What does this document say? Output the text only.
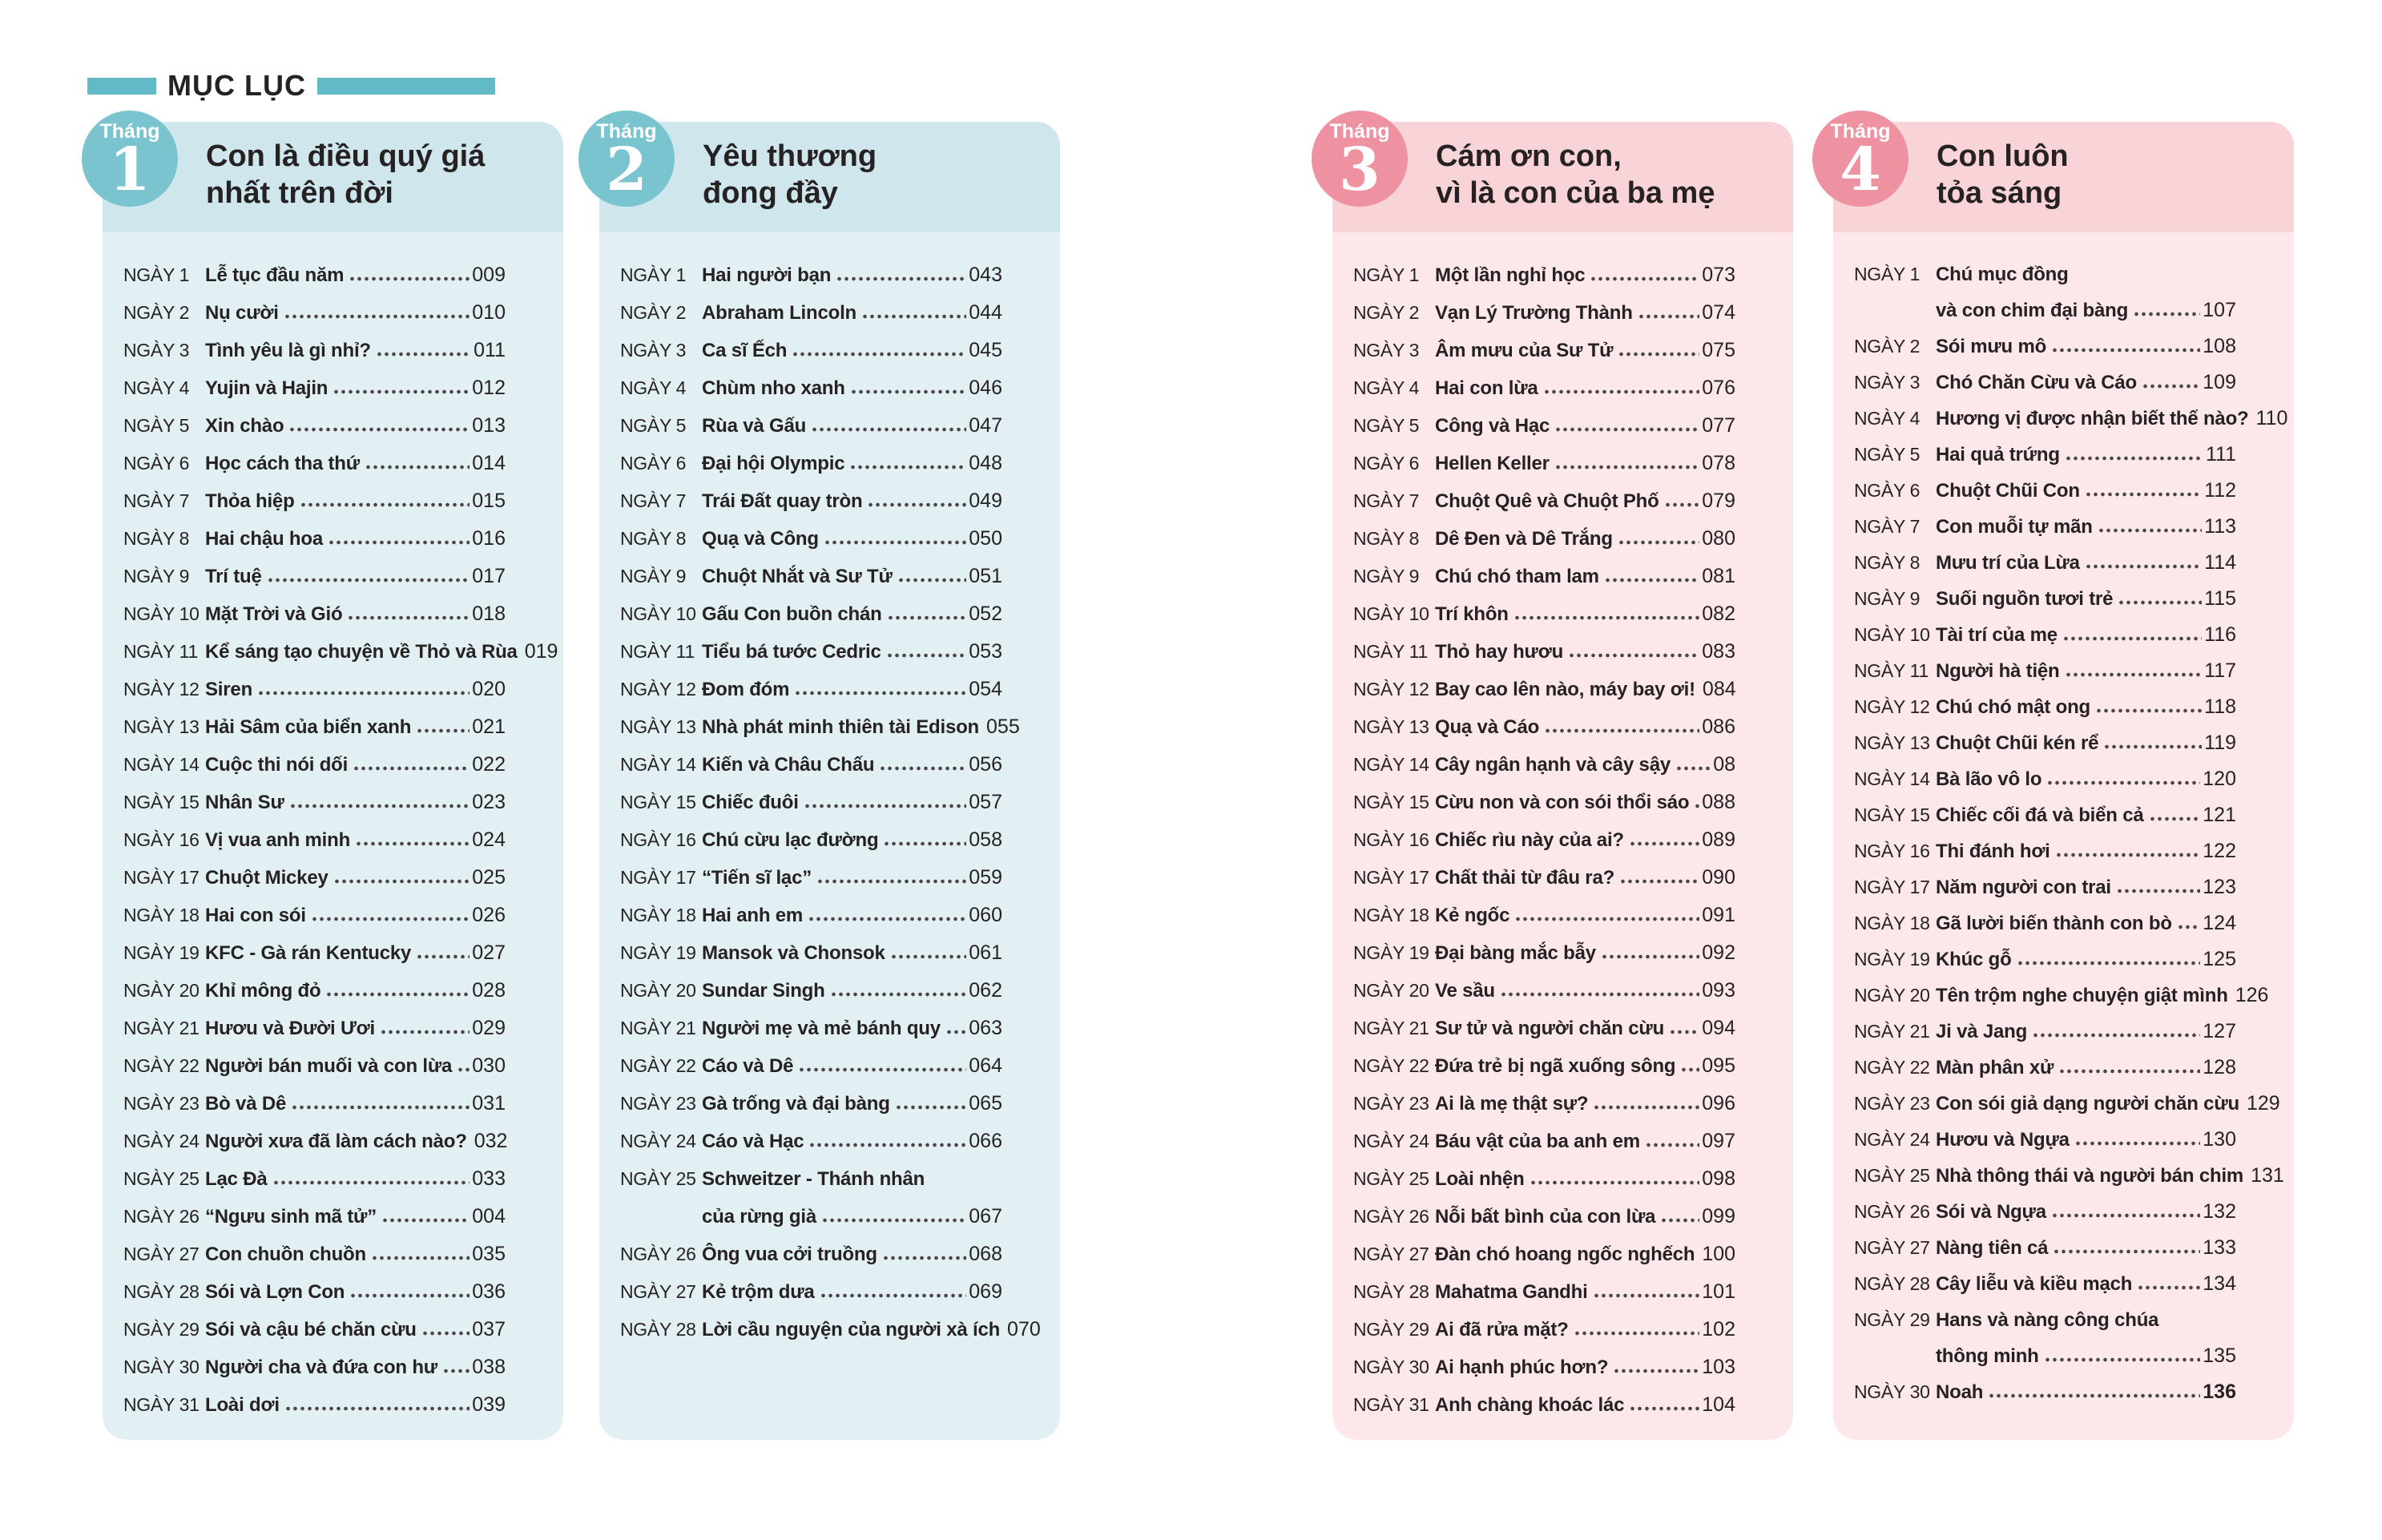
MỤC LỤC
Tháng
1 Con là điều quý giá
nhất trên đời
NGÀY 1 Lễ tục đầu năm	009
NGÀY 2 Nụ cười	010
NGÀY 3 Tình yêu là gì nhỉ?	011
NGÀY 4 Yujin và Hajin	012
NGÀY 5 Xin chào	013
NGÀY 6 Học cách tha thứ	014
NGÀY 7 Thỏa hiệp	015
NGÀY 8 Hai chậu hoa	016
NGÀY 9 Trí tuệ	017
NGÀY 10 Mặt Trời và Gió	018
NGÀY 11 Kể sáng tạo chuyện về Thỏ và Rùa 019
NGÀY 12 Siren	020
NGÀY 13 Hải Sâm của biển xanh	021
NGÀY 14 Cuộc thi nói dối	022
NGÀY 15 Nhân Sư	023
NGÀY 16 Vị vua anh minh	024
NGÀY 17 Chuột Mickey	025
NGÀY 18 Hai con sói	026
NGÀY 19 KFC - Gà rán Kentucky	027
NGÀY 20 Khỉ mông đỏ	028
NGÀY 21 Hươu và Đười Ươi	029
NGÀY 22 Người bán muối và con lừa 030
NGÀY 23 Bò và Dê	031
NGÀY 24 Người xưa đã làm cách nào? 032
NGÀY 25 Lạc Đà	033
NGÀY 26 “Ngưu sinh mã tử”	004
NGÀY 27 Con chuồn chuồn	035
NGÀY 28 Sói và Lợn Con	036
NGÀY 29 Sói và cậu bé chăn cừu	037
NGÀY 30 Người cha và đứa con hư 038
NGÀY 31 Loài dơi	039
Tháng
2 Yêu thương
đong đầy
NGÀY 1 Hai người bạn	043
NGÀY 2 Abraham Lincoln	044
NGÀY 3 Ca sĩ Ếch	045
NGÀY 4 Chùm nho xanh	046
NGÀY 5 Rùa và Gấu	047
NGÀY 6 Đại hội Olympic	048
NGÀY 7 Trái Đất quay tròn	049
NGÀY 8 Quạ và Công	050
NGÀY 9 Chuột Nhắt và Sư Tử	051
NGÀY 10 Gấu Con buồn chán	052
NGÀY 11 Tiểu bá tước Cedric	053
NGÀY 12 Đom đóm	054
NGÀY 13 Nhà phát minh thiên tài Edison 055
NGÀY 14 Kiến và Châu Chấu	056
NGÀY 15 Chiếc đuôi	057
NGÀY 16 Chú cừu lạc đường	058
NGÀY 17 “Tiến sĩ lạc”	059
NGÀY 18 Hai anh em	060
NGÀY 19 Mansok và Chonsok	061
NGÀY 20 Sundar Singh	062
NGÀY 21 Người mẹ và mẻ bánh quy 063
NGÀY 22 Cáo và Dê	064
NGÀY 23 Gà trống và đại bàng	065
NGÀY 24 Cáo và Hạc	066
NGÀY 25 Schweitzer - Thánh nhân
của rừng già	067
NGÀY 26 Ông vua cởi truồng	068
NGÀY 27 Kẻ trộm dưa	069
NGÀY 28 Lời cầu nguyện của người xà ích 070
Tháng
3 Cám ơn con,
vì là con của ba mẹ
NGÀY 1 Một lần nghỉ học	073
NGÀY 2 Vạn Lý Trường Thành	074
NGÀY 3 Âm mưu của Sư Tử	075
NGÀY 4 Hai con lừa	076
NGÀY 5 Công và Hạc	077
NGÀY 6 Hellen Keller	078
NGÀY 7 Chuột Quê và Chuột Phố 079
NGÀY 8 Dê Đen và Dê Trắng	080
NGÀY 9 Chú chó tham lam	081
NGÀY 10 Trí khôn	082
NGÀY 11 Thỏ hay hươu	083
NGÀY 12 Bay cao lên nào, máy bay ơi! 084
NGÀY 13 Quạ và Cáo	086
NGÀY 14 Cây ngân hạnh và cây sậy 08
NGÀY 15 Cừu non và con sói thổi sáo 088
NGÀY 16 Chiếc rìu này của ai?	089
NGÀY 17 Chất thải từ đâu ra?	090
NGÀY 18 Kẻ ngốc	091
NGÀY 19 Đại bàng mắc bẫy	092
NGÀY 20 Ve sầu	093
NGÀY 21 Sư tử và người chăn cừu 094
NGÀY 22 Đứa trẻ bị ngã xuống sông 095
NGÀY 23 Ai là mẹ thật sự?	096
NGÀY 24 Báu vật của ba anh em	097
NGÀY 25 Loài nhện	098
NGÀY 26 Nỗi bất bình của con lừa 099
NGÀY 27 Đàn chó hoang ngốc nghếch 100
NGÀY 28 Mahatma Gandhi	101
NGÀY 29 Ai đã rửa mặt?	102
NGÀY 30 Ai hạnh phúc hơn?	103
NGÀY 31 Anh chàng khoác lác	104
Tháng
4 Con luôn
tỏa sáng
NGÀY 1 Chú mục đồng
và con chim đại bàng	107
NGÀY 2 Sói mưu mô	108
NGÀY 3 Chó Chăn Cừu và Cáo	109
NGÀY 4 Hương vị được nhận biết thế nào? 110
NGÀY 5 Hai quả trứng	111
NGÀY 6 Chuột Chũi Con	112
NGÀY 7 Con muỗi tự mãn	113
NGÀY 8 Mưu trí của Lừa	114
NGÀY 9 Suối nguồn tươi trẻ	115
NGÀY 10 Tài trí của mẹ	116
NGÀY 11 Người hà tiện	117
NGÀY 12 Chú chó mật ong	118
NGÀY 13 Chuột Chũi kén rể	119
NGÀY 14 Bà lão vô lo	120
NGÀY 15 Chiếc cối đá và biển cả	121
NGÀY 16 Thi đánh hơi	122
NGÀY 17 Năm người con trai	123
NGÀY 18 Gã lười biến thành con bò 124
NGÀY 19 Khúc gỗ	125
NGÀY 20 Tên trộm nghe chuyện giật mình 126
NGÀY 21 Ji và Jang	127
NGÀY 22 Màn phân xử	128
NGÀY 23 Con sói giả dạng người chăn cừu 129
NGÀY 24 Hươu và Ngựa	130
NGÀY 25 Nhà thông thái và người bán chim 131
NGÀY 26 Sói và Ngựa	132
NGÀY 27 Nàng tiên cá	133
NGÀY 28 Cây liễu và kiều mạch	134
NGÀY 29 Hans và nàng công chúa
thông minh	135
NGÀY 30 Noah	136
